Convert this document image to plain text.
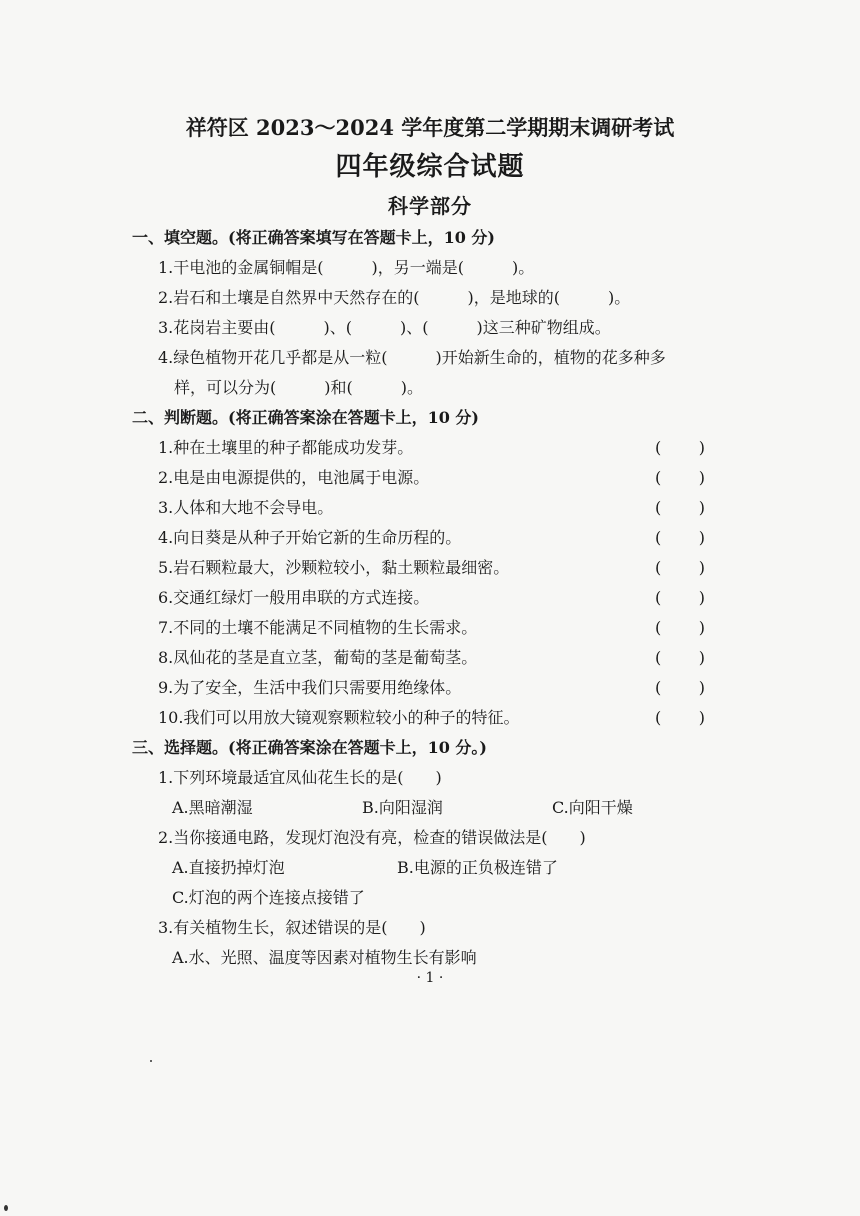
祥符区 2023～2024 学年度第二学期期末调研考试
四年级综合试题
科学部分
一、填空题。(将正确答案填写在答题卡上，10 分)
1.干电池的金属铜帽是(　　　)，另一端是(　　　)。
2.岩石和土壤是自然界中天然存在的(　　　)，是地球的(　　　)。
3.花岗岩主要由(　　　)、(　　　)、(　　　)这三种矿物组成。
4.绿色植物开花几乎都是从一粒(　　　)开始新生命的，植物的花多种多
样，可以分为(　　　)和(　　　)。
二、判断题。(将正确答案涂在答题卡上，10 分)
1.种在土壤里的种子都能成功发芽。	( )
2.电是由电源提供的，电池属于电源。	( )
3.人体和大地不会导电。	( )
4.向日葵是从种子开始它新的生命历程的。	( )
5.岩石颗粒最大，沙颗粒较小，黏土颗粒最细密。	( )
6.交通红绿灯一般用串联的方式连接。	( )
7.不同的土壤不能满足不同植物的生长需求。	( )
8.凤仙花的茎是直立茎，葡萄的茎是葡萄茎。	( )
9.为了安全，生活中我们只需要用绝缘体。	( )
10.我们可以用放大镜观察颗粒较小的种子的特征。	( )
三、选择题。(将正确答案涂在答题卡上，10 分。)
1.下列环境最适宜凤仙花生长的是(　　)
A.黑暗潮湿	B.向阳湿润	C.向阳干燥
2.当你接通电路，发现灯泡没有亮，检查的错误做法是(　　)
A.直接扔掉灯泡	B.电源的正负极连错了
C.灯泡的两个连接点接错了
3.有关植物生长，叙述错误的是(　　)
A.水、光照、温度等因素对植物生长有影响
· 1 ·
